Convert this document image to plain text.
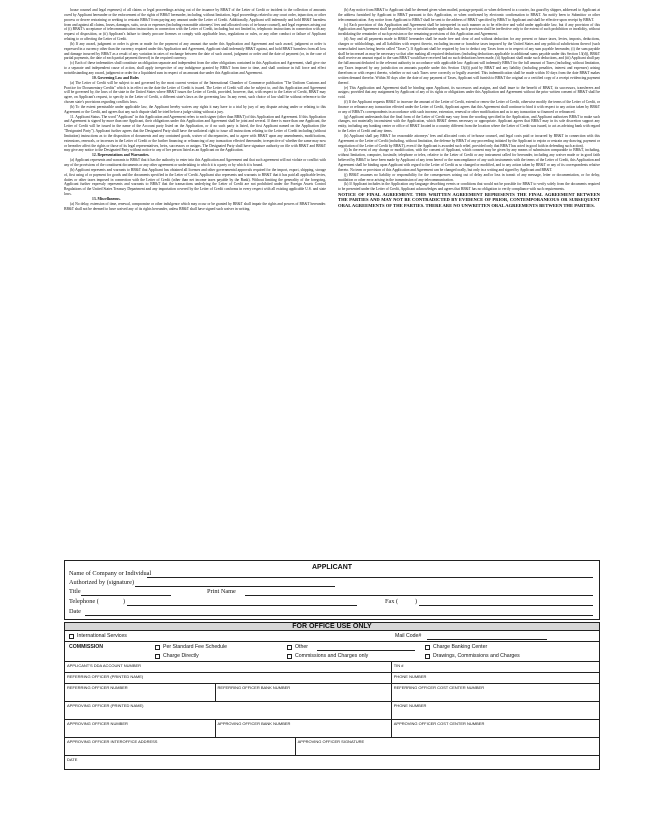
house counsel and legal expenses) of all claims or legal proceedings arising out of the issuance by BB&T of the Letter of Credit or incident to the collection of amounts owed by Applicant hereunder or the enforcement of the rights of BB&T hereunder, including, without limitation, legal proceedings related to any court order, injunction, or other process or decree restraining or seeking to restrain BB&T from paying any amount under the Letter of Credit. Additionally, Applicant will indemnify and hold BB&T harmless from and against all claims, losses, damages, suits, costs or expenses (including reasonable attorneys' fees and allocated costs of in-house counsel), and legal expenses arising out of (i) BB&T's acceptance of telecommunication instructions in connection with the Letter of Credit, including but not limited to, telephonic instructions in connection with any request of disposition, or (ii) Applicant's failure to timely procure licenses or comply with applicable laws, regulations or rules, or any other conduct or failure of Applicant relating to or affecting the Letter of Credit.

(b) If any award, judgment or order is given or made for the payment of any amount due under this Application and Agreement and such award, judgment or order is expressed in a currency other than the currency required under this Application and Agreement, Applicant shall indemnify BB&T against, and hold BB&T harmless from all loss and damage incurred by BB&T as a result of any variation in rates of exchange between the date of such award, judgment or order and the date of payment (or, in the case of partial payments, the date of each partial payment thereof) in the required currency.

(c) Each of these indemnities shall constitute an obligation separate and independent from the other obligations contained in this Application and Agreement, shall give rise to a separate and independent cause of action, shall apply irrespective of any indulgence granted by BB&T from time to time, and shall continue in full force and effect notwithstanding any award, judgment or order for a liquidated sum in respect of an amount due under this Application and Agreement.

10. Governing Law and Rules

(a) The Letter of Credit will be subject to and governed by the most current version of the International Chamber of Commerce publication "The Uniform Customs and Practice for Documentary Credits" which is in effect on the date the Letter of Credit is issued. The Letter of Credit will also be subject to, and this Application and Agreement will be governed by, the laws of the state in the United States where BB&T issues the Letter of Credit, provided, however, that, with respect to the Letter of Credit, BB&T may agree, on Applicant's request, to specify in the Letter of Credit, a different state's laws as the governing law. In any event, such choice of law shall be without reference to the chosen state's provisions regarding conflicts laws.

(b) To the extent permissible under applicable law, the Applicant hereby waives any rights it may have to a trial by jury of any dispute arising under or relating to this Agreement or the Credit, and agrees that any such dispute shall be tried before a judge sitting without a jury.

11. Applicant Status. The word "Applicant" in this Application and Agreement refers to each signer (other than BB&T) of this Application and Agreement. If this Application and Agreement is signed by more than one Applicant, their obligations under this Application and Agreement shall be joint and several. If there is more than one Applicant, the Letter of Credit will be issued in the name of the Account party listed on the Application, or if no such party is listed, the first Applicant named on the Application (the "Designated Party"). Applicant further agrees that the Designated Party shall have the unilateral right to issue all instructions relating to the Letter of Credit including (without limitation) instructions as to the disposition of documents and any contained goods, waiver of discrepancies, and to agree with BB&T upon any amendments, modifications, extensions, renewals, or increases in the Letter of Credit or the further financing or refinancing of any transaction effected thereunder, irrespective of whether the same may now or hereafter affect the rights or those of its legal representatives, heirs, successors or assigns. The Designated Party shall have signature authority on file with BB&T and BB&T may give any notice to the Designated Party without notice to any of her person listed as an Applicant on the Application.

12. Representations and Warranties.

(a) Applicant represents and warrants to BB&T that it has the authority to enter into this Application and Agreement and that such agreement will not violate or conflict with any of the provisions of the constituent documents or any other agreement or undertaking to which it is a party or by which it is bound.

(b) Applicant represents and warrants to BB&T that Applicant has obtained all licenses and other governmental approvals required for the import, export, shipping, storage of, first using of or payment for goods and the documents specified in the Letter of Credit. Applicant also represents and warrants to BB&T that it has paid all applicable levies, duties or other taxes imposed in connection with the Letter of Credit (other than net income taxes payable by the Bank). Without limiting the generality of the foregoing, Applicant further expressly represents and warrants to BB&T that the transactions underlying the Letter of Credit are not prohibited under the Foreign Assets Control Regulations of the United States Treasury Department and any importation covered by the Letter of Credit conforms in every respect with all existing applicable U.S. and state laws.

13. Miscellaneous.

(a) No delay, extension of time, renewal, compromise or other indulgence which may occur or be granted by BB&T shall impair the rights and powers of BB&T hereunder. BB&T shall not be deemed to have waived any of its rights hereunder, unless BB&T shall have signed such waiver in writing.

(b) Any notice from BB&T to Applicant shall be deemed given when mailed, postage prepaid, or when delivered to a courier, fax guard by shipper, addressed to Applicant at the address furnished by Applicant to BB&T pursuant to this Application, or when confirmed by electronic confirmation to BB&T. An notify been to Submittor or other telecommunication. Any notice from Applicant to BB&T shall be sent to the address of BB&T specified by BB&T to Applicant and shall be effective upon receipt by BB&T.

(c) Each provision of this Application and Agreement shall be interpreted in such manner as to be effective and valid under applicable law, but if any provision of this Application and Agreement shall be prohibited by or invalid under applicable law, such provision shall be ineffective only to the extent of such prohibition or invalidity, without invalidating the remainder of such provision or the remaining provisions of this Application and Agreement.

(d) Any and all payments made to BB&T hereunder shall be made free and clear of and without deduction for any present or future taxes, levies, imposts, deductions, charges or withholdings, and all liabilities with respect thereto, excluding income or franchise taxes imposed by the United States and any political subdivisions thereof (such nonexcluded taxes being herein called "Taxes"). If Applicant shall be required by law to deduct any Taxes from or in respect of any sum payable hereunder, (i) the sum payable shall be increased as may be necessary so that after making all required deductions (including deductions applicable to additional sums payable under this Section 13(d)), BB&T shall receive an amount equal to the sum BB&T would have received had no such deductions been made, (ii) Applicant shall make such deductions, and (iii) Applicant shall pay the full amount deducted to the relevant authority in accordance with applicable law. Applicant will indemnify BB&T for the full amount of Taxes (including, without limitation, any Taxes imposed by any jurisdiction on amounts payable under this Section 13(d)) paid by BB&T and any liability (including penalties, interest and expenses) arising therefrom or with respect thereto, whether or not such Taxes were correctly or legally asserted. This indemnification shall be made within 10 days from the date BB&T makes written demand therefor. Within 30 days after the date of any payment of Taxes, Applicant will furnish to BB&T the original or a certified copy of a receipt evidencing payment thereof.

(e) This Application and Agreement shall be binding upon Applicant, its successors and assigns, and shall inure to the benefit of BB&T, its successors, transferees and assigns; provided that any assignment by Applicant of any of its rights or obligations under this Application and Agreement without the prior written consent of BB&T shall be void.

(f) If the Applicant requests BB&T to increase the amount of the Letter of Credit, extend or renew the Letter of Credit, otherwise modify the terms of the Letter of Credit, or finance or refinance any transaction effected under the Letter of Credit, Applicant agrees that this Agreement shall continue to bind it with respect to any action taken by BB&T or any of BB&T's correspondents in accordance with such increase, extension, renewal or other modification and as to any transaction so financed or refinanced.

(g) Applicant understands that the final form of the Letter of Credit may vary from the wording specified in the Application, and Applicant authorizes BB&T to make such changes, not materially inconsistent with the Application, which BB&T deems necessary or appropriate. Applicant agrees that BB&T may in its sole discretion support any entity, including any banking center or office of BB&T located in a country different from the location where the Letter of Credit was issued, to act as advising bank with regard to the Letter of Credit and any items.

(h) Applicant shall pay BB&T for reasonable attorneys' fees and allocated costs of in-house counsel, and legal costs paid or incurred by BB&T in connection with this Agreement or the Letter of Credit (including, without limitation, the defense by BB&T of any proceeding initiated by the Applicant to enjoin or restrain any drawing, payment or negotiation of the Letter of Credit by BB&T), even if the Applicant is awarded such relief, provided only that BB&T has acted in good faith in defending such action).

(i) In the event of any change or modification, with the consent of Applicant, which consent may be given by any means of submission comparable to BB&T, including, without limitation, computer, facsimile, telephone or telex, relative to the Letter of Credit or any instrument called for hereunder, including any waiver made or in good faith believed by BB&T to have been made by Applicant of any term hereof or the noncompliance of any such instruments with the terms of the Letter of Credit, this Application and Agreement shall be binding upon Applicant with regard to the Letter of Credit as so changed or modified, and to any action taken by BB&T or any of its correspondents relative thereto. No term or provision of this Application and Agreement can be changed orally, but only in a writing and signed by Applicant and BB&T.

(j) BB&T assumes no liability or responsibility for the consequences arising out of delay and/or loss in transit of any message, letter or documentation, or for delay, mutilation or other error arising in the transmission of any telecommunication.

(k) If Applicant includes in the Application any language describing events or conditions that would not be possible for BB&T to verify solely from the documents required to be presented under the Letter of Credit, Applicant acknowledges and agrees that BB&T has no obligation to verify compliance with such requirements.

NOTICE OF FINAL AGREEMENT. THIS WRITTEN AGREEMENT REPRESENTS THE FINAL AGREEMENT BETWEEN THE PARTIES AND MAY NOT BE CONTRADICTED BY EVIDENCE OF PRIOR, CONTEMPORANEOUS OR SUBSEQUENT ORAL AGREEMENTS OF THE PARTIES. THERE ARE NO UNWRITTEN ORAL AGREEMENTS BETWEEN THE PARTIES.

APPLICANT
Name of Company or Individual
Authorized by (signature)
Title	Print Name
Telephone (	)	Fax (	)
Date
FOR OFFICE USE ONLY
International Services	Mail Code#
COMMISSION	Per Standard Fee Schedule	Other	Charge Banking Center
Charge Directly	Commissions and Charges only	Drawings, Commissions and Charges
APPLICANT'S DDA ACCOUNT NUMBER	TIN #
REFERRING OFFICER (PRINTED NAME)	PHONE NUMBER
REFERRING OFFICER NUMBER	REFERRING OFFICER BANK NUMBER	REFERRING OFFICER COST CENTER NUMBER
APPROVING OFFICER (PRINTED NAME)	PHONE NUMBER
APPROVING OFFICER NUMBER	APPROVING OFFICER BANK NUMBER	APPROVING OFFICER COST CENTER NUMBER
APPROVING OFFICER INTEROFFICE ADDRESS	APPROVING OFFICER SIGNATURE
DATE
